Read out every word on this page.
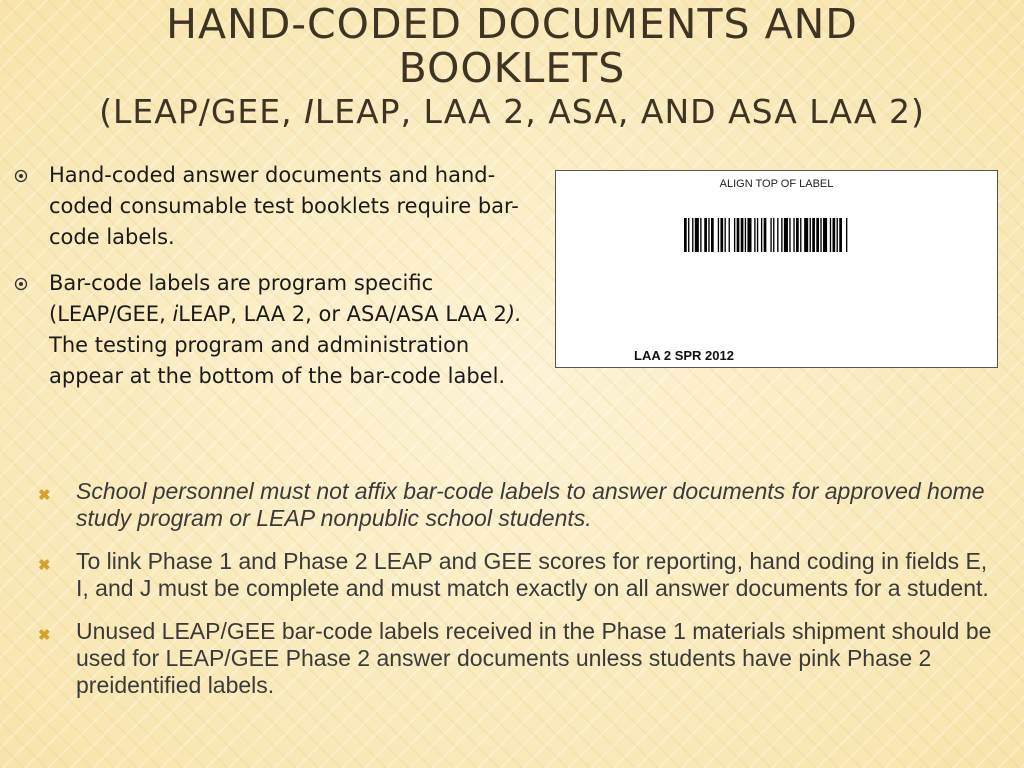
HAND-CODED DOCUMENTS AND BOOKLETS
(LEAP/GEE, ILEAP, LAA 2, ASA, AND ASA LAA 2)
Hand-coded answer documents and hand-coded consumable test booklets require bar-code labels.
Bar-code labels are program specific (LEAP/GEE, iLEAP, LAA 2, or ASA/ASA LAA 2). The testing program and administration appear at the bottom of the bar-code label.
ALIGN TOP OF LABEL
LAA 2 SPR 2012
✖ School personnel must not affix bar-code labels to answer documents for approved home study program or LEAP nonpublic school students.
✖ To link Phase 1 and Phase 2 LEAP and GEE scores for reporting, hand coding in fields E, I, and J must be complete and must match exactly on all answer documents for a student.
✖ Unused LEAP/GEE bar-code labels received in the Phase 1 materials shipment should be used for LEAP/GEE Phase 2 answer documents unless students have pink Phase 2 preidentified labels.
